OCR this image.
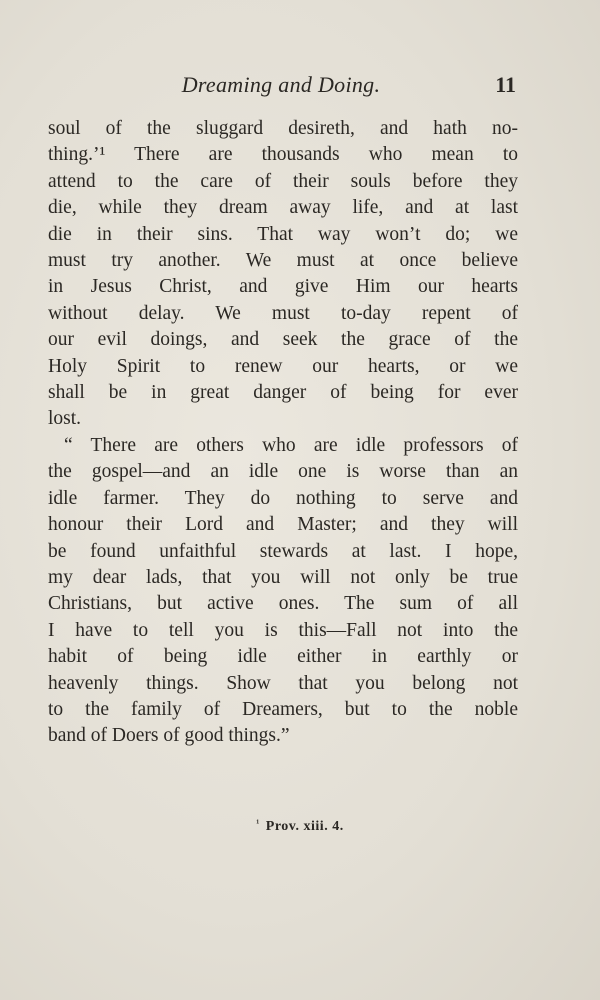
Dreaming and Doing.	11
soul of the sluggard desireth, and hath no-
thing.’¹ There are thousands who mean to
attend to the care of their souls before they
die, while they dream away life, and at last
die in their sins. That way won’t do; we
must try another. We must at once believe
in Jesus Christ, and give Him our hearts
without delay. We must to-day repent of
our evil doings, and seek the grace of the
Holy Spirit to renew our hearts, or we
shall be in great danger of being for ever
lost.
“ There are others who are idle professors of
the gospel—and an idle one is worse than an
idle farmer. They do nothing to serve and
honour their Lord and Master; and they will
be found unfaithful stewards at last. I hope,
my dear lads, that you will not only be true
Christians, but active ones. The sum of all
I have to tell you is this—Fall not into the
habit of being idle either in earthly or
heavenly things. Show that you belong not
to the family of Dreamers, but to the noble
band of Doers of good things.”
$^{^1}$ Prov. xiii. 4.
